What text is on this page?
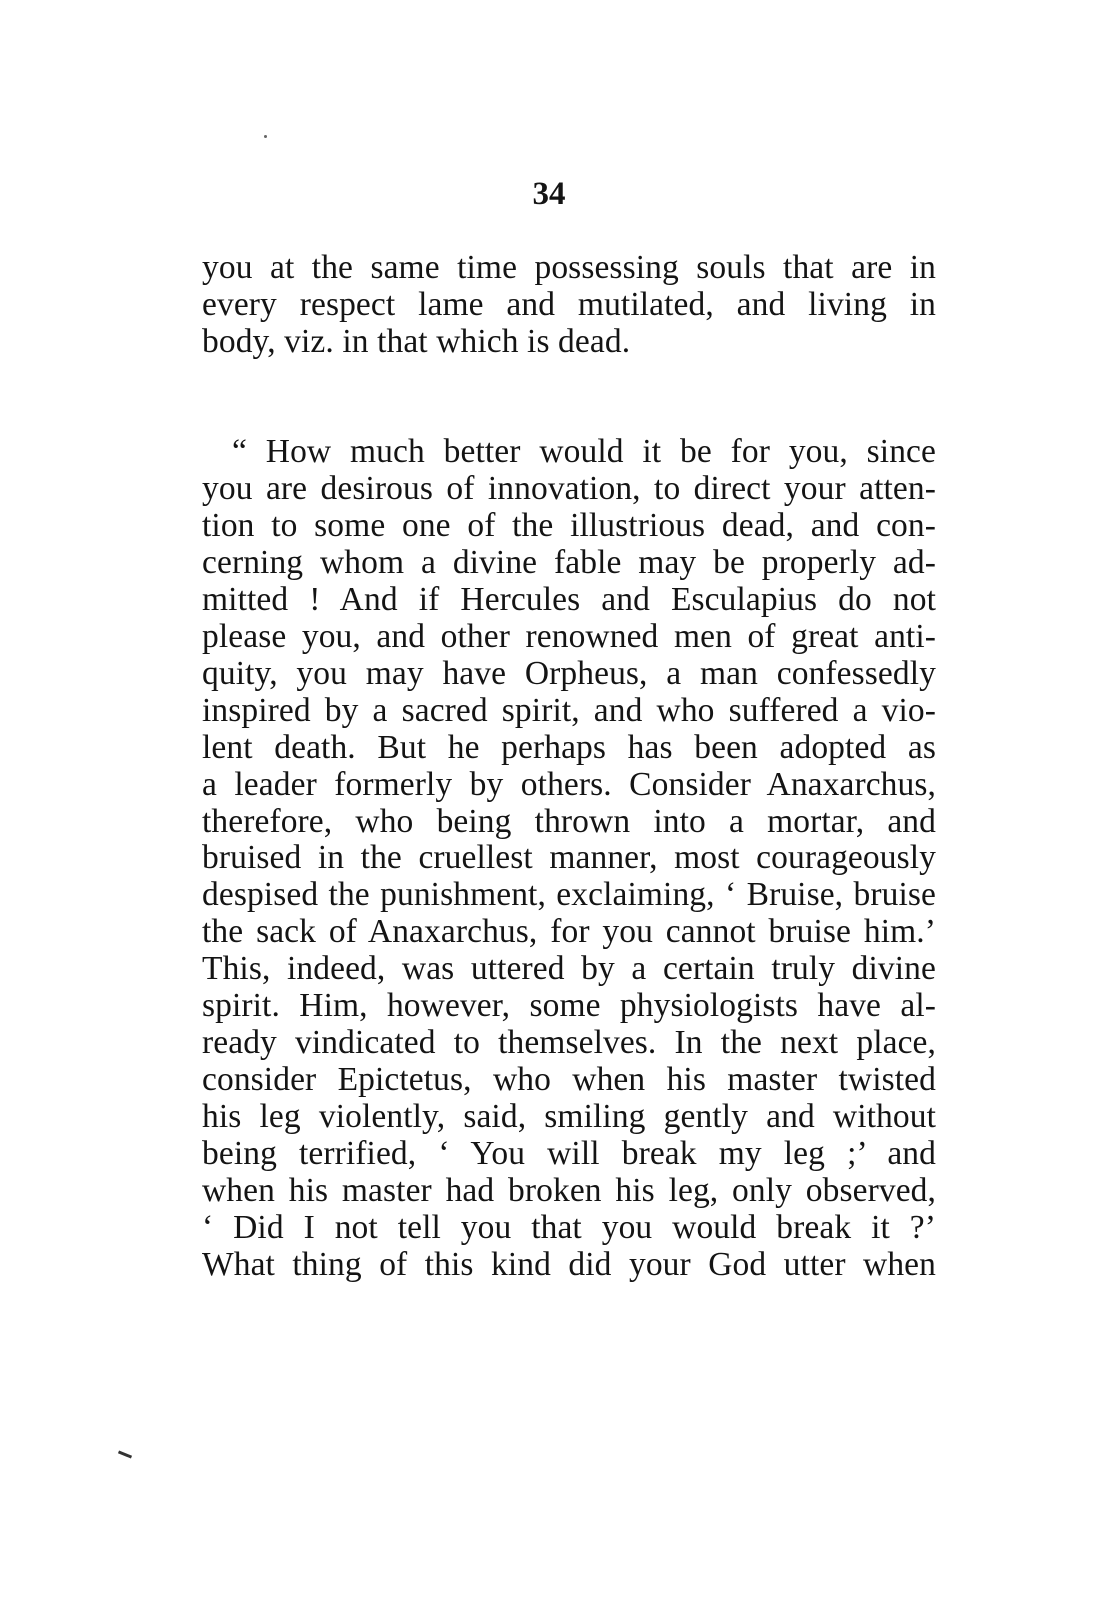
34
you at the same time possessing souls that are in
every respect lame and mutilated, and living in
body, viz. in that which is dead.
“ How much better would it be for you, since
you are desirous of innovation, to direct your atten-
tion to some one of the illustrious dead, and con-
cerning whom a divine fable may be properly ad-
mitted ! And if Hercules and Esculapius do not
please you, and other renowned men of great anti-
quity, you may have Orpheus, a man confessedly
inspired by a sacred spirit, and who suffered a vio-
lent death. But he perhaps has been adopted as
a leader formerly by others. Consider Anaxarchus,
therefore, who being thrown into a mortar, and
bruised in the cruellest manner, most courageously
despised the punishment, exclaiming, ‘ Bruise, bruise
the sack of Anaxarchus, for you cannot bruise him.’
This, indeed, was uttered by a certain truly divine
spirit. Him, however, some physiologists have al-
ready vindicated to themselves. In the next place,
consider Epictetus, who when his master twisted
his leg violently, said, smiling gently and without
being terrified, ‘ You will break my leg ;’ and
when his master had broken his leg, only observed,
‘ Did I not tell you that you would break it ?’
What thing of this kind did your God utter when
